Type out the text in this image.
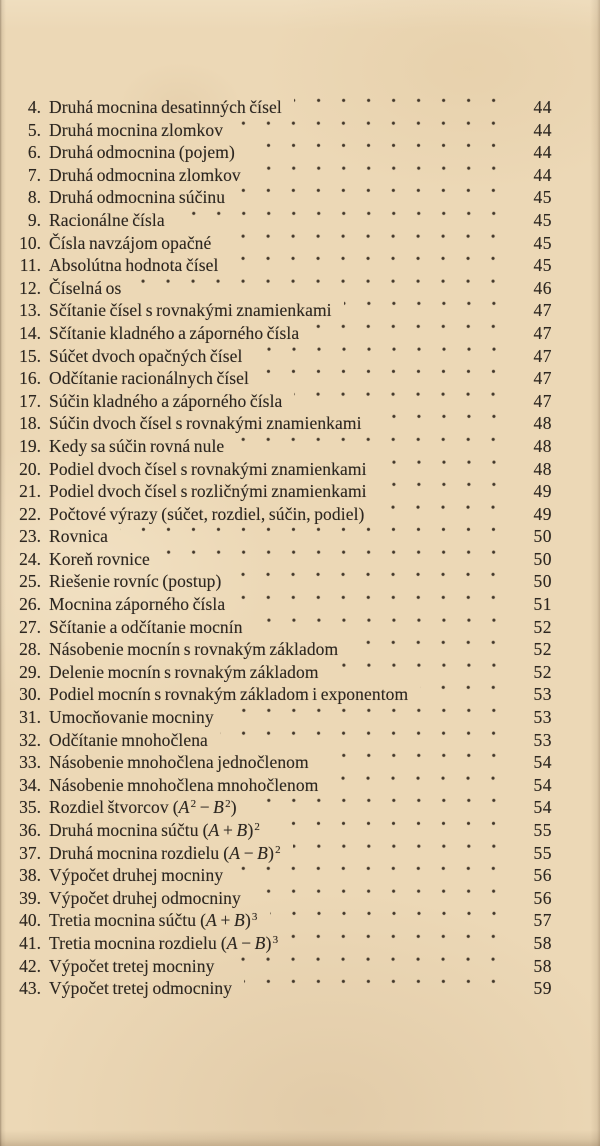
4. Druhá mocnina desatinných čísel	44
5. Druhá mocnina zlomkov	44
6. Druhá odmocnina (pojem)	44
7. Druhá odmocnina zlomkov	44
8. Druhá odmocnina súčinu	45
9. Racionálne čísla	45
10. Čísla navzájom opačné	45
11. Absolútna hodnota čísel	45
12. Číselná os	46
13. Sčítanie čísel s rovnakými znamienkami	47
14. Sčítanie kladného a záporného čísla	47
15. Súčet dvoch opačných čísel	47
16. Odčítanie racionálnych čísel	47
17. Súčin kladného a záporného čísla	47
18. Súčin dvoch čísel s rovnakými znamienkami	48
19. Kedy sa súčin rovná nule	48
20. Podiel dvoch čísel s rovnakými znamienkami	48
21. Podiel dvoch čísel s rozličnými znamienkami	49
22. Počtové výrazy (súčet, rozdiel, súčin, podiel)	49
23. Rovnica	50
24. Koreň rovnice	50
25. Riešenie rovníc (postup)	50
26. Mocnina záporného čísla	51
27. Sčítanie a odčítanie mocnín	52
28. Násobenie mocnín s rovnakým základom	52
29. Delenie mocnín s rovnakým základom	52
30. Podiel mocnín s rovnakým základom i exponentom	53
31. Umocňovanie mocniny	53
32. Odčítanie mnohočlena	53
33. Násobenie mnohočlena jednočlenom	54
34. Násobenie mnohočlena mnohočlenom	54
35. Rozdiel štvorcov $(A^2 - B^2)$	54
36. Druhá mocnina súčtu $(A + B)^2$	55
37. Druhá mocnina rozdielu $(A - B)^2$	55
38. Výpočet druhej mocniny	56
39. Výpočet druhej odmocniny	56
40. Tretia mocnina súčtu $(A + B)^3$	57
41. Tretia mocnina rozdielu $(A - B)^3$	58
42. Výpočet tretej mocniny	58
43. Výpočet tretej odmocniny	59
